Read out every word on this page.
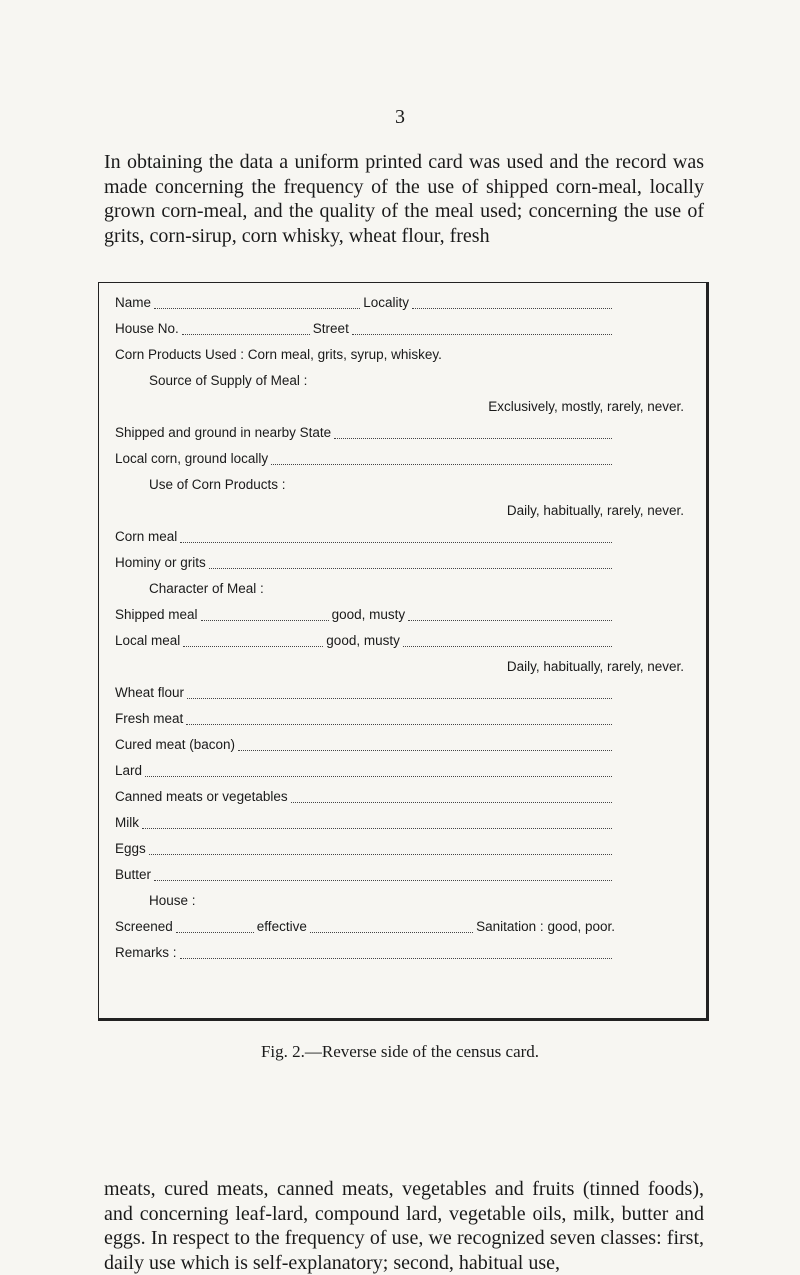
3

In obtaining the data a uniform printed card was used and the record was made concerning the frequency of the use of shipped corn-meal, locally grown corn-meal, and the quality of the meal used; concerning the use of grits, corn-sirup, corn whisky, wheat flour, fresh

Name	Locality
House No.	Street
Corn Products Used : Corn meal, grits, syrup, whiskey.
Source of Supply of Meal :
Exclusively, mostly, rarely, never.
Shipped and ground in nearby State
Local corn, ground locally
Use of Corn Products :
Daily, habitually, rarely, never.
Corn meal
Hominy or grits
Character of Meal :
Shipped meal	good, musty
Local meal	good, musty
Daily, habitually, rarely, never.
Wheat flour
Fresh meat
Cured meat (bacon)
Lard
Canned meats or vegetables
Milk
Eggs
Butter
House :
Screened	effective	Sanitation : good, poor.
Remarks :
Fig. 2.—Reverse side of the census card.

meats, cured meats, canned meats, vegetables and fruits (tinned foods), and concerning leaf-lard, compound lard, vegetable oils, milk, butter and eggs. In respect to the frequency of use, we recognized seven classes: first, daily use which is self-explanatory; second, habitual use,
